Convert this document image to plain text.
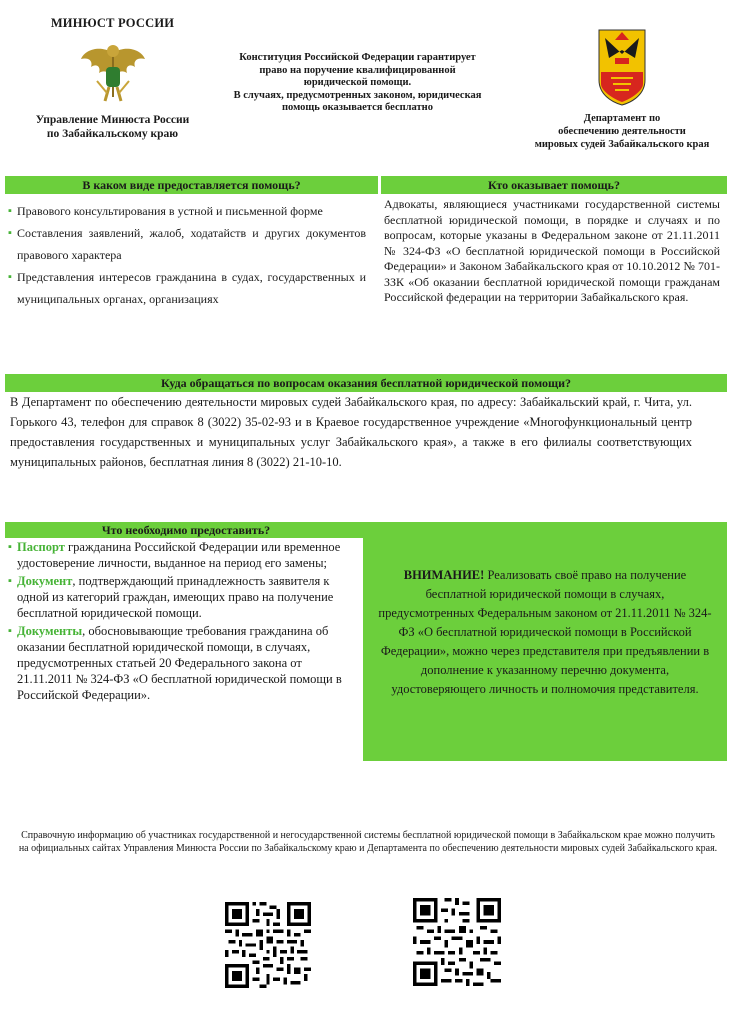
МИНЮСТ РОССИИ
Управление Минюста России
по Забайкальскому краю
Конституция Российской Федерации гарантирует
право на поручение квалифицированной
юридической помощи.
В случаях, предусмотренных законом, юридическая
помощь оказывается бесплатно
Департамент по
обеспечению деятельности
мировых судей Забайкальского края
В каком виде предоставляется помощь?	Кто оказывает помощь?
▪ Правового консультирования в устной и письменной форме
▪ Составления заявлений, жалоб, ходатайств и других документов правового характера
▪ Представления интересов гражданина в судах, государственных и муниципальных органах, организациях
Адвокаты, являющиеся участниками государственной системы бесплатной юридической помощи, в порядке и случаях и по вопросам, которые указаны в Федеральном законе от 21.11.2011 № 324-ФЗ «О бесплатной юридической помощи в Российской Федерации» и Законом Забайкальского края от 10.10.2012 № 701-ЗЗК «Об оказании бесплатной юридической помощи гражданам Российской федерации на территории Забайкальского края.
Куда обращаться по вопросам оказания бесплатной юридической помощи?
В Департамент по обеспечению деятельности мировых судей Забайкальского края, по адресу: Забайкальский край, г. Чита, ул. Горького 43, телефон для справок 8 (3022) 35-02-93 и в Краевое государственное учреждение «Многофункциональный центр предоставления государственных и муниципальных услуг Забайкальского края», а также в его филиалы соответствующих муниципальных районов, бесплатная линия 8 (3022) 21-10-10.
Что необходимо предоставить?
▪ Паспорт гражданина Российской Федерации или временное удостоверение личности, выданное на период его замены;
▪ Документ, подтверждающий принадлежность заявителя к одной из категорий граждан, имеющих право на получение бесплатной юридической помощи.
▪ Документы, обосновывающие требования гражданина об оказании бесплатной юридической помощи, в случаях, предусмотренных статьей 20 Федерального закона от 21.11.2011 № 324-ФЗ «О бесплатной юридической помощи в Российской Федерации».
ВНИМАНИЕ! Реализовать своё право на получение бесплатной юридической помощи в случаях, предусмотренных Федеральным законом от 21.11.2011 № 324-ФЗ «О бесплатной юридической помощи в Российской Федерации», можно через представителя при предъявлении в дополнение к указанному перечню документа, удостоверяющего личность и полномочия представителя.
Справочную информацию об участниках государственной и негосударственной системы бесплатной юридической помощи в Забайкальском крае можно получить на официальных сайтах Управления Минюста России по Забайкальскому краю и Департамента по обеспечению деятельности мировых судей Забайкальского края.
